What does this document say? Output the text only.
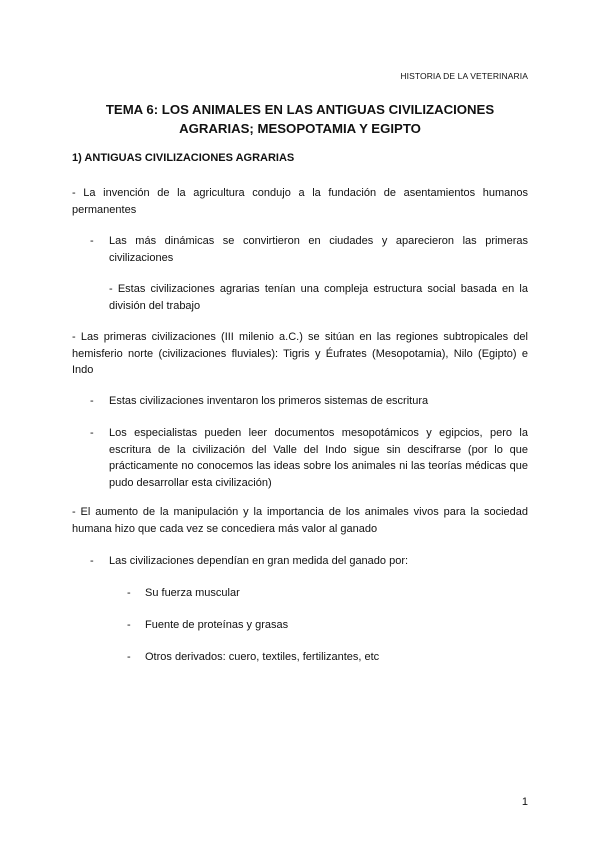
HISTORIA DE LA VETERINARIA
TEMA 6: LOS ANIMALES EN LAS ANTIGUAS CIVILIZACIONES
AGRARIAS; MESOPOTAMIA Y EGIPTO
1) ANTIGUAS CIVILIZACIONES AGRARIAS
- La invención de la agricultura condujo a la fundación de asentamientos humanos permanentes
- Las más dinámicas se convirtieron en ciudades y aparecieron las primeras civilizaciones
- Estas civilizaciones agrarias tenían una compleja estructura social basada en la división del trabajo
- Las primeras civilizaciones (III milenio a.C.) se sitúan en las regiones subtropicales del hemisferio norte (civilizaciones fluviales): Tigris y Éufrates (Mesopotamia), Nilo (Egipto) e Indo
- Estas civilizaciones inventaron los primeros sistemas de escritura
- Los especialistas pueden leer documentos mesopotámicos y egipcios, pero la escritura de la civilización del Valle del Indo sigue sin descifrarse (por lo que prácticamente no conocemos las ideas sobre los animales ni las teorías médicas que pudo desarrollar esta civilización)
- El aumento de la manipulación y la importancia de los animales vivos para la sociedad humana hizo que cada vez se concediera más valor al ganado
- Las civilizaciones dependían en gran medida del ganado por:
- Su fuerza muscular
- Fuente de proteínas y grasas
- Otros derivados: cuero, textiles, fertilizantes, etc
1
